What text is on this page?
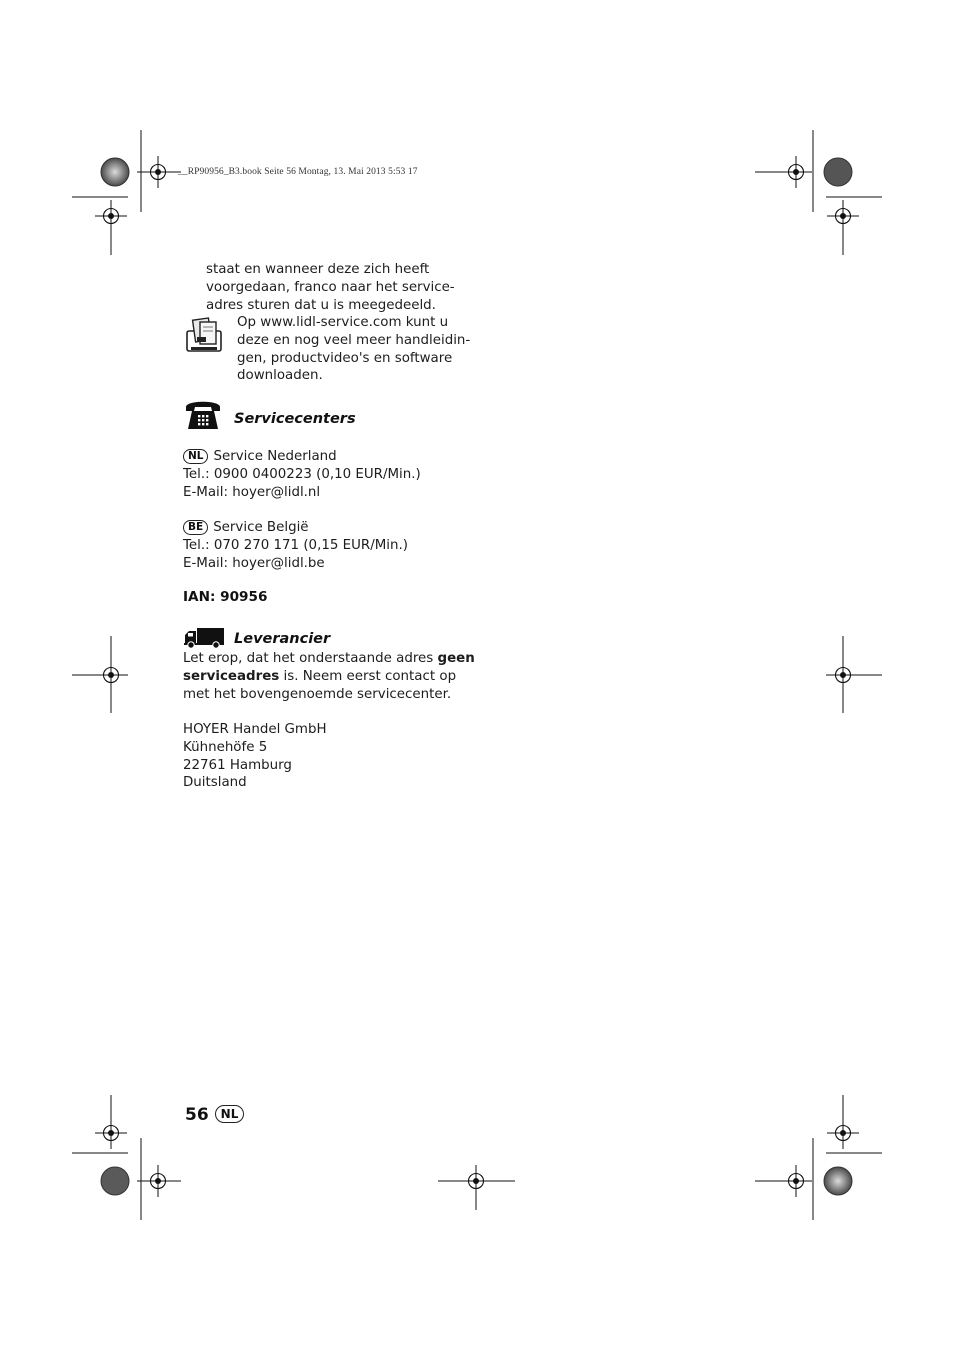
__RP90956_B3.book Seite 56 Montag, 13. Mai 2013 5:53 17
staat en wanneer deze zich heeft
voorgedaan, franco naar het service-
adres sturen dat u is meegedeeld.
Op www.lidl-service.com kunt u
deze en nog veel meer handleidin-
gen, productvideo's en software
downloaden.
Servicecenters
NL Service Nederland
Tel.: 0900 0400223 (0,10 EUR/Min.)
E-Mail: hoyer@lidl.nl
BE Service België
Tel.: 070 270 171 (0,15 EUR/Min.)
E-Mail: hoyer@lidl.be
IAN: 90956
Leverancier
Let erop, dat het onderstaande adres geen
serviceadres is. Neem eerst contact op
met het bovengenoemde servicecenter.
HOYER Handel GmbH
Kühnehöfe 5
22761 Hamburg
Duitsland
56 NL
